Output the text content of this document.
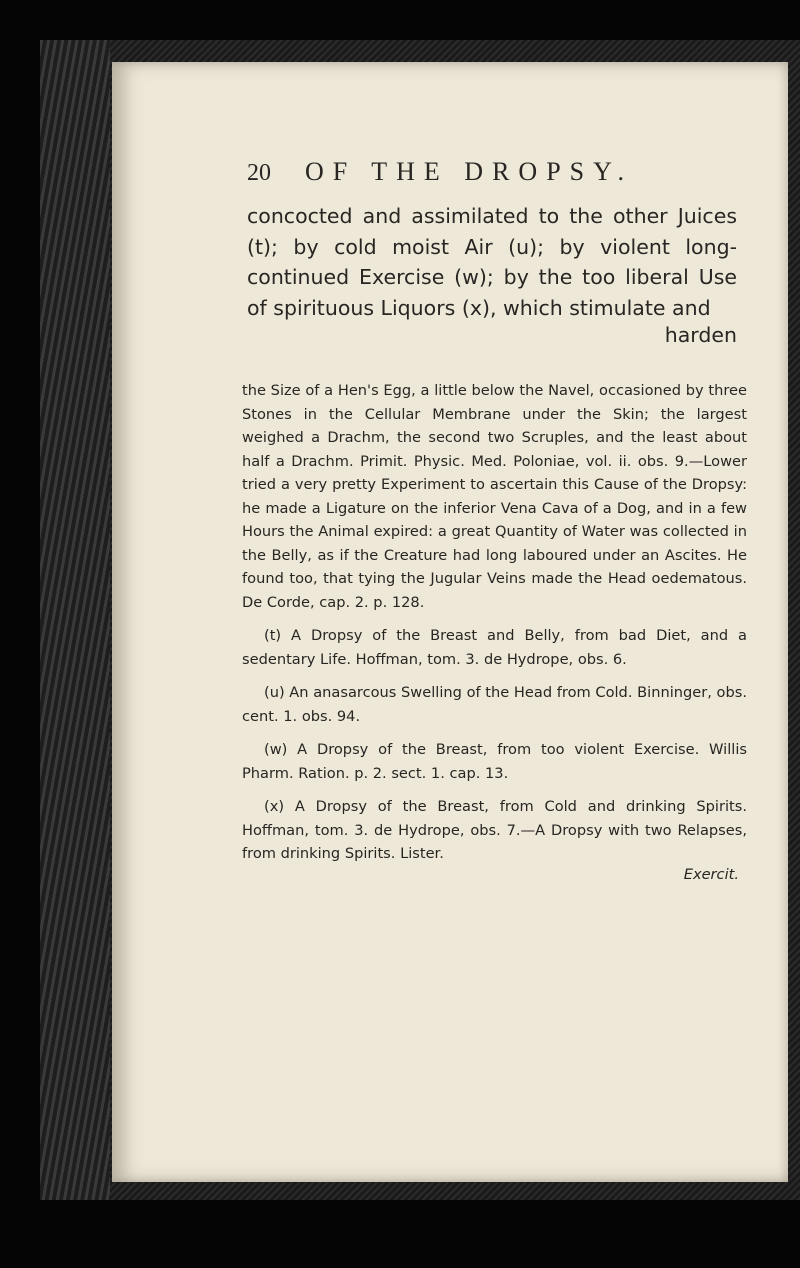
20	OF THE DROPSY.

concocted and assimilated to the other Juices (t); by cold moist Air (u); by violent long-continued Exercise (w); by the too liberal Use of spirituous Liquors (x), which stimulate and

harden

the Size of a Hen's Egg, a little below the Navel, occasioned by three Stones in the Cellular Membrane under the Skin; the largest weighed a Drachm, the second two Scruples, and the least about half a Drachm. Primit. Physic. Med. Poloniae, vol. ii. obs. 9.—Lower tried a very pretty Experiment to ascertain this Cause of the Dropsy: he made a Ligature on the inferior Vena Cava of a Dog, and in a few Hours the Animal expired: a great Quantity of Water was collected in the Belly, as if the Creature had long laboured under an Ascites. He found too, that tying the Jugular Veins made the Head oedematous. De Corde, cap. 2. p. 128.

(t) A Dropsy of the Breast and Belly, from bad Diet, and a sedentary Life. Hoffman, tom. 3. de Hydrope, obs. 6.

(u) An anasarcous Swelling of the Head from Cold. Binninger, obs. cent. 1. obs. 94.

(w) A Dropsy of the Breast, from too violent Exercise. Willis Pharm. Ration. p. 2. sect. 1. cap. 13.

(x) A Dropsy of the Breast, from Cold and drinking Spirits. Hoffman, tom. 3. de Hydrope, obs. 7.—A Dropsy with two Relapses, from drinking Spirits. Lister.

Exercit.
